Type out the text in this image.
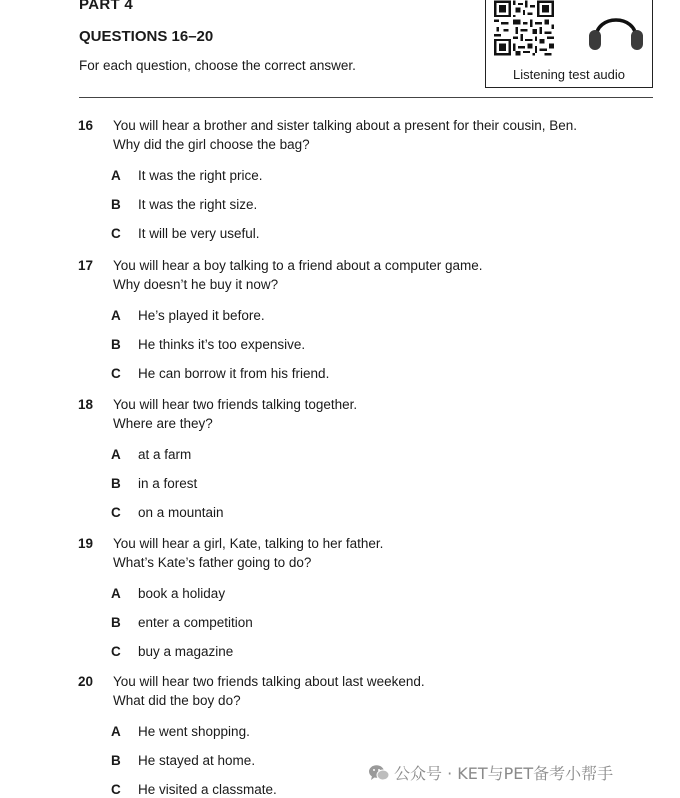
PART 4
QUESTIONS 16–20
For each question, choose the correct answer.
Listening test audio
16 You will hear a brother and sister talking about a present for their cousin, Ben.
Why did the girl choose the bag?
A It was the right price.
B It was the right size.
C It will be very useful.
17 You will hear a boy talking to a friend about a computer game.
Why doesn’t he buy it now?
A He’s played it before.
B He thinks it’s too expensive.
C He can borrow it from his friend.
18 You will hear two friends talking together.
Where are they?
A at a farm
B in a forest
C on a mountain
19 You will hear a girl, Kate, talking to her father.
What’s Kate’s father going to do?
A book a holiday
B enter a competition
C buy a magazine
20 You will hear two friends talking about last weekend.
What did the boy do?
A He went shopping.
B He stayed at home.
C He visited a classmate.
公众号 · KET与PET备考小帮手
